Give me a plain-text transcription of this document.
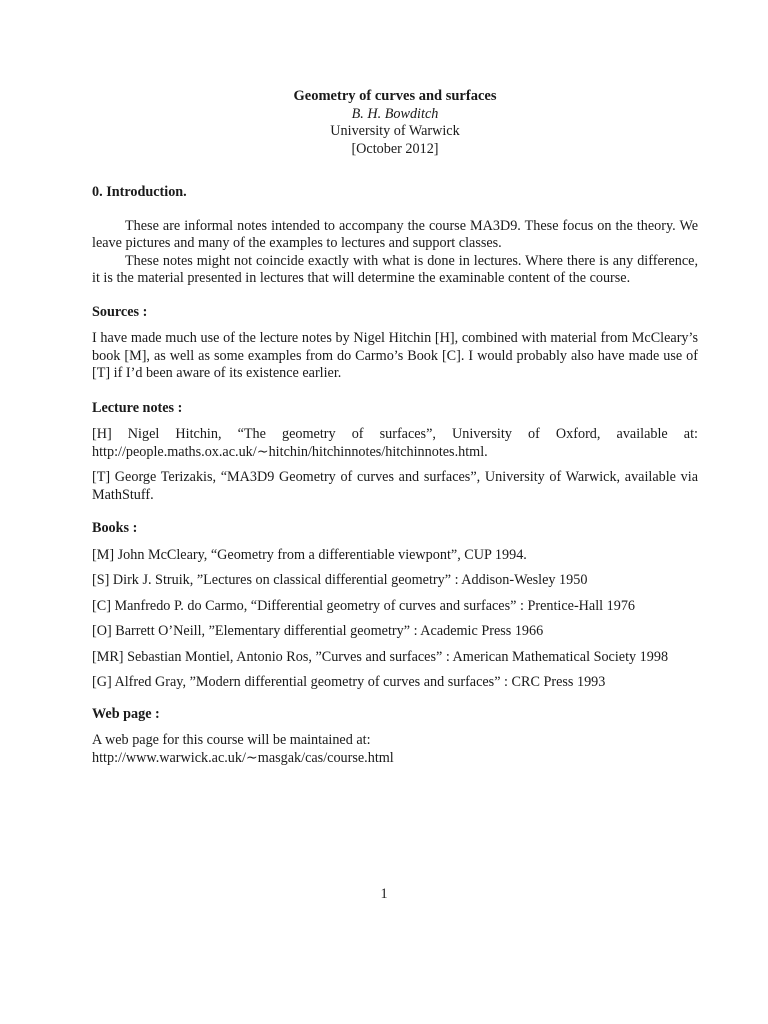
Geometry of curves and surfaces
B. H. Bowditch
University of Warwick
[October 2012]
0. Introduction.

These are informal notes intended to accompany the course MA3D9. These focus on the theory. We leave pictures and many of the examples to lectures and support classes.

These notes might not coincide exactly with what is done in lectures. Where there is any difference, it is the material presented in lectures that will determine the examinable content of the course.

Sources :

I have made much use of the lecture notes by Nigel Hitchin [H], combined with material from McCleary’s book [M], as well as some examples from do Carmo’s Book [C]. I would probably also have made use of [T] if I’d been aware of its existence earlier.

Lecture notes :

[H] Nigel Hitchin, “The geometry of surfaces”, University of Oxford, available at: http://people.maths.ox.ac.uk/∼hitchin/hitchinnotes/hitchinnotes.html.

[T] George Terizakis, “MA3D9 Geometry of curves and surfaces”, University of Warwick, available via MathStuff.

Books :

[M] John McCleary, “Geometry from a differentiable viewpont”, CUP 1994.

[S] Dirk J. Struik, ”Lectures on classical differential geometry” : Addison-Wesley 1950

[C] Manfredo P. do Carmo, “Differential geometry of curves and surfaces” : Prentice-Hall 1976

[O] Barrett O’Neill, ”Elementary differential geometry” : Academic Press 1966

[MR] Sebastian Montiel, Antonio Ros, ”Curves and surfaces” : American Mathematical Society 1998

[G] Alfred Gray, ”Modern differential geometry of curves and surfaces” : CRC Press 1993

Web page :
A web page for this course will be maintained at:
http://www.warwick.ac.uk/∼masgak/cas/course.html
1
